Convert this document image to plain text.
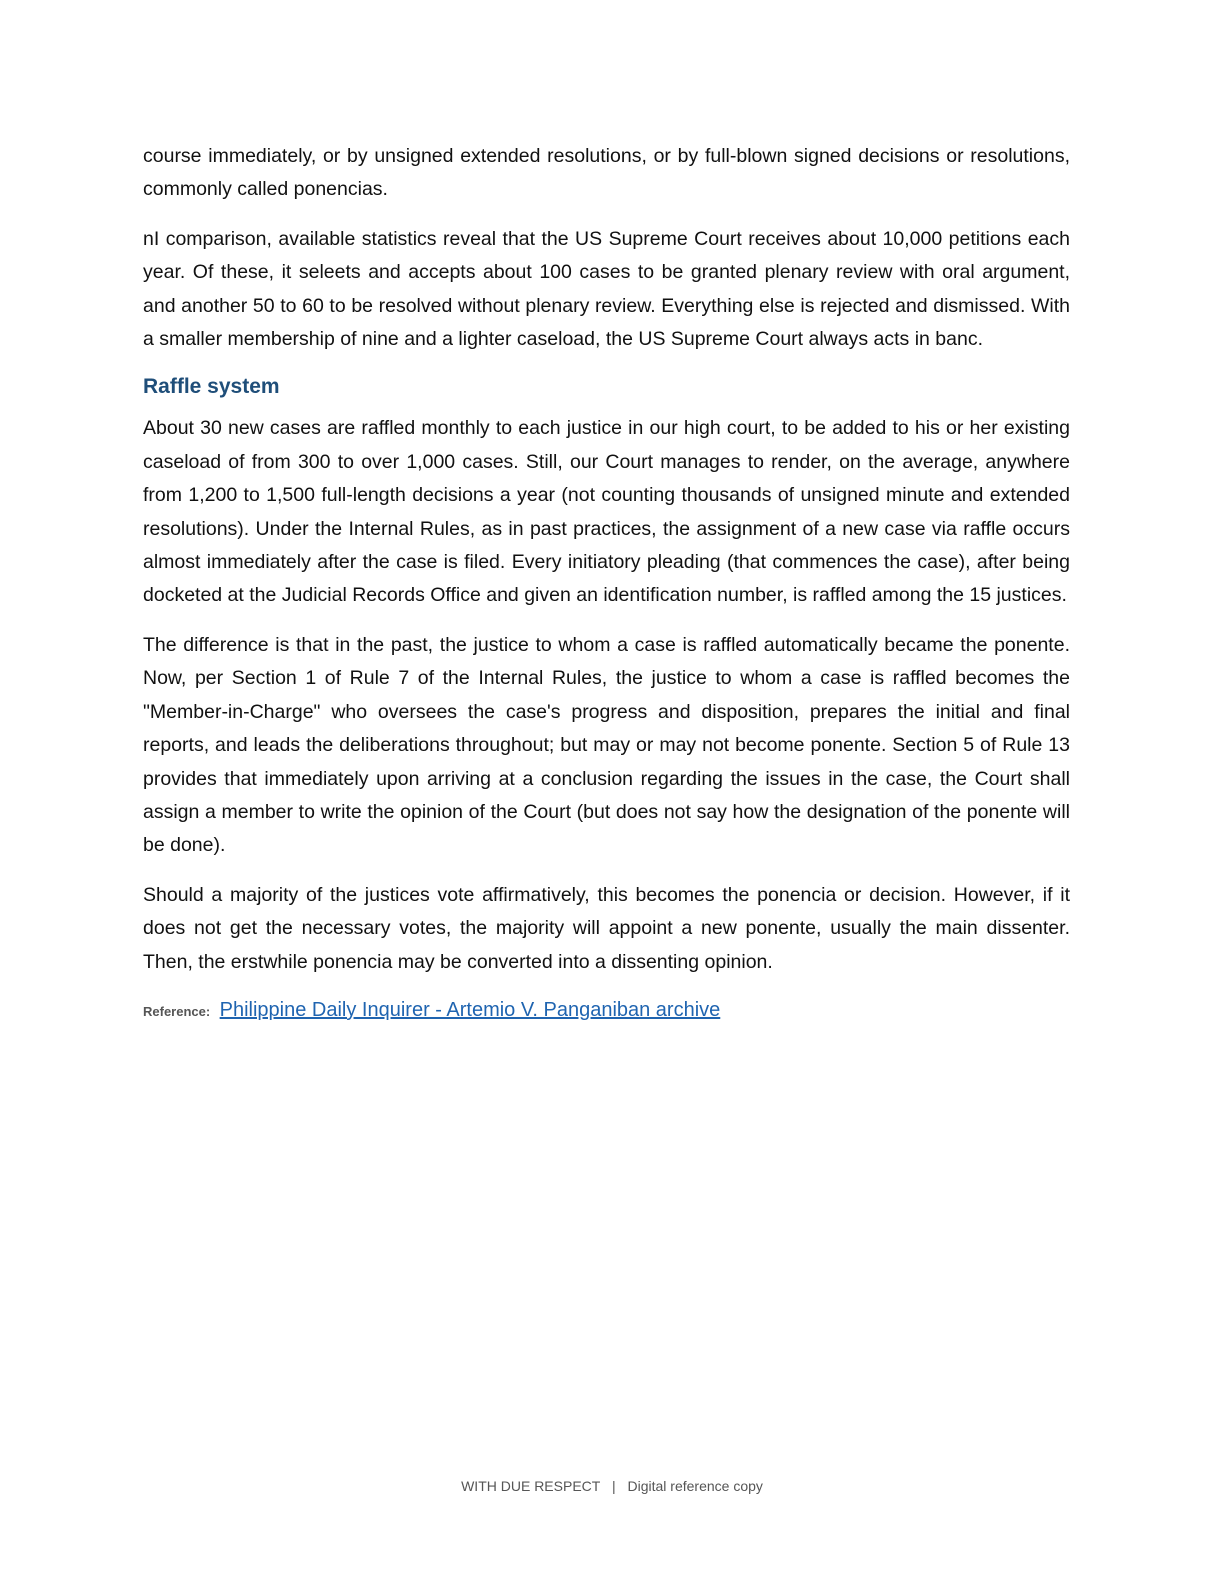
course immediately, or by unsigned extended resolutions, or by full-blown signed decisions or resolutions, commonly called ponencias.

nI comparison, available statistics reveal that the US Supreme Court receives about 10,000 petitions each year. Of these, it seleets and accepts about 100 cases to be granted plenary review with oral argument, and another 50 to 60 to be resolved without plenary review. Everything else is rejected and dismissed. With a smaller membership of nine and a lighter caseload, the US Supreme Court always acts in banc.

Raffle system

About 30 new cases are raffled monthly to each justice in our high court, to be added to his or her existing caseload of from 300 to over 1,000 cases. Still, our Court manages to render, on the average, anywhere from 1,200 to 1,500 full-length decisions a year (not counting thousands of unsigned minute and extended resolutions). Under the Internal Rules, as in past practices, the assignment of a new case via raffle occurs almost immediately after the case is filed. Every initiatory pleading (that commences the case), after being docketed at the Judicial Records Office and given an identification number, is raffled among the 15 justices.

The difference is that in the past, the justice to whom a case is raffled automatically became the ponente. Now, per Section 1 of Rule 7 of the Internal Rules, the justice to whom a case is raffled becomes the "Member-in-Charge" who oversees the case's progress and disposition, prepares the initial and final reports, and leads the deliberations throughout; but may or may not become ponente. Section 5 of Rule 13 provides that immediately upon arriving at a conclusion regarding the issues in the case, the Court shall assign a member to write the opinion of the Court (but does not say how the designation of the ponente will be done).

Should a majority of the justices vote affirmatively, this becomes the ponencia or decision. However, if it does not get the necessary votes, the majority will appoint a new ponente, usually the main dissenter. Then, the erstwhile ponencia may be converted into a dissenting opinion.

Reference: Philippine Daily Inquirer - Artemio V. Panganiban archive
WITH DUE RESPECT | Digital reference copy
